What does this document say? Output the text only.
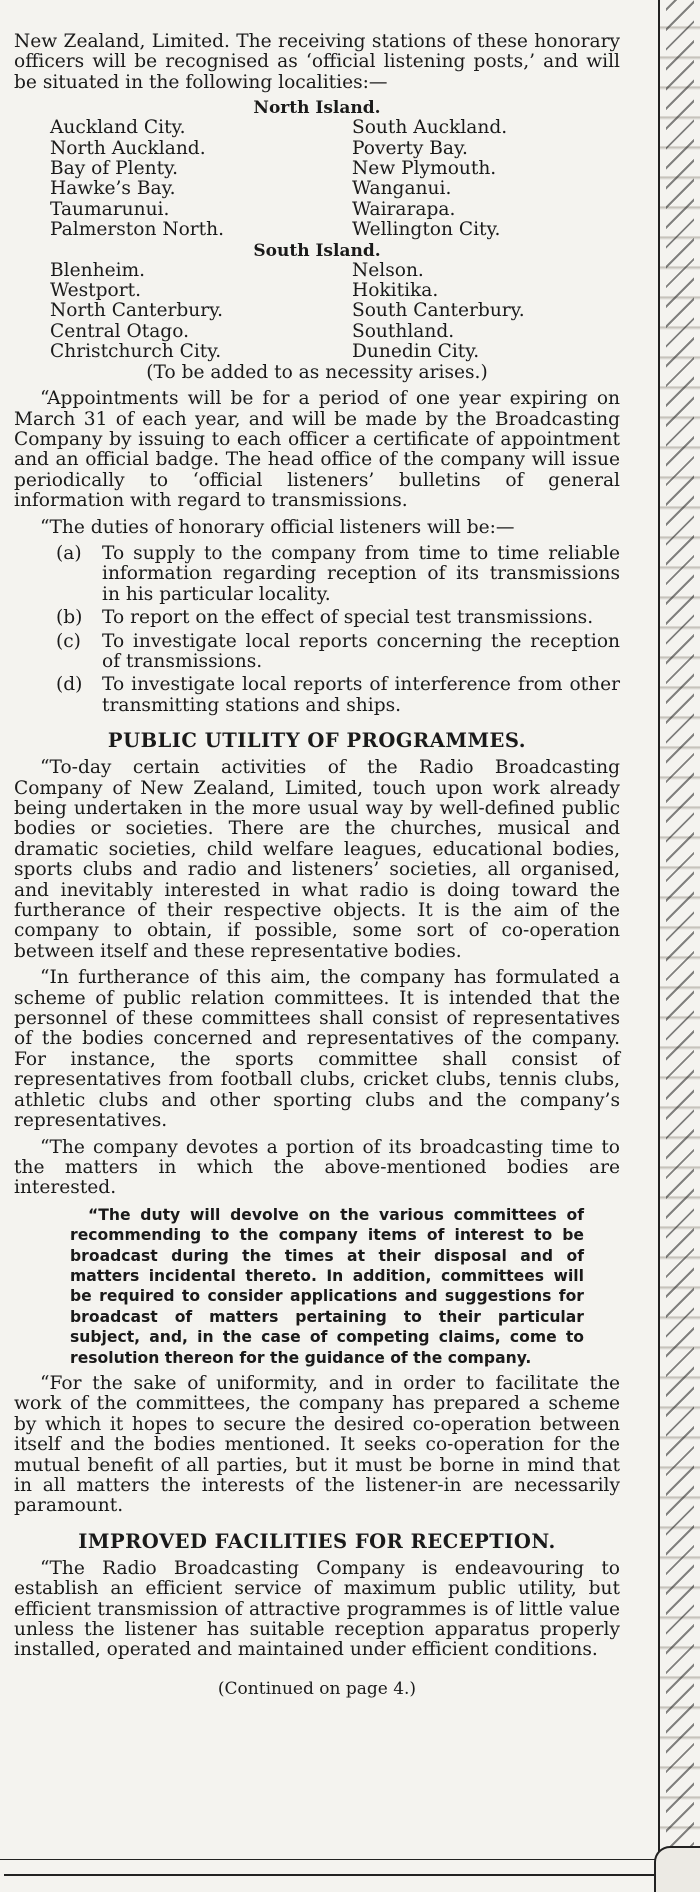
New Zealand, Limited. The receiving stations of these honorary officers will be recognised as ‘official listening posts,’ and will be situated in the following localities:—

North Island.
Auckland City.	South Auckland.
North Auckland.	Poverty Bay.
Bay of Plenty.	New Plymouth.
Hawke’s Bay.	Wanganui.
Taumarunui.	Wairarapa.
Palmerston North.	Wellington City.
South Island.
Blenheim.	Nelson.
Westport.	Hokitika.
North Canterbury.	South Canterbury.
Central Otago.	Southland.
Christchurch City.	Dunedin City.
(To be added to as necessity arises.)

“Appointments will be for a period of one year expiring on March 31 of each year, and will be made by the Broadcasting Company by issuing to each officer a certificate of appointment and an official badge. The head office of the company will issue periodically to ‘official listeners’ bulletins of general information with regard to transmissions.

“The duties of honorary official listeners will be:—

(a)	To supply to the company from time to time reliable information regarding reception of its transmissions in his particular locality.
(b)	To report on the effect of special test transmissions.
(c)	To investigate local reports concerning the reception of transmissions.
(d)	To investigate local reports of interference from other transmitting stations and ships.
PUBLIC UTILITY OF PROGRAMMES.

“To-day certain activities of the Radio Broadcasting Company of New Zealand, Limited, touch upon work already being undertaken in the more usual way by well-defined public bodies or societies. There are the churches, musical and dramatic societies, child welfare leagues, educational bodies, sports clubs and radio and listeners’ societies, all organised, and inevitably interested in what radio is doing toward the furtherance of their respective objects. It is the aim of the company to obtain, if possible, some sort of co-operation between itself and these representative bodies.

“In furtherance of this aim, the company has formulated a scheme of public relation committees. It is intended that the personnel of these committees shall consist of representatives of the bodies concerned and representatives of the company. For instance, the sports committee shall consist of representatives from football clubs, cricket clubs, tennis clubs, athletic clubs and other sporting clubs and the company’s representatives.

“The company devotes a portion of its broadcasting time to the matters in which the above-mentioned bodies are interested.

“The duty will devolve on the various committees of recommending to the company items of interest to be broadcast during the times at their disposal and of matters incidental thereto. In addition, committees will be required to consider applications and suggestions for broadcast of matters pertaining to their particular subject, and, in the case of competing claims, come to resolution thereon for the guidance of the company.

“For the sake of uniformity, and in order to facilitate the work of the committees, the company has prepared a scheme by which it hopes to secure the desired co-operation between itself and the bodies mentioned. It seeks co-operation for the mutual benefit of all parties, but it must be borne in mind that in all matters the interests of the listener-in are necessarily paramount.

IMPROVED FACILITIES FOR RECEPTION.

“The Radio Broadcasting Company is endeavouring to establish an efficient service of maximum public utility, but efficient transmission of attractive programmes is of little value unless the listener has suitable reception apparatus properly installed, operated and maintained under efficient conditions.

(Continued on page 4.)
